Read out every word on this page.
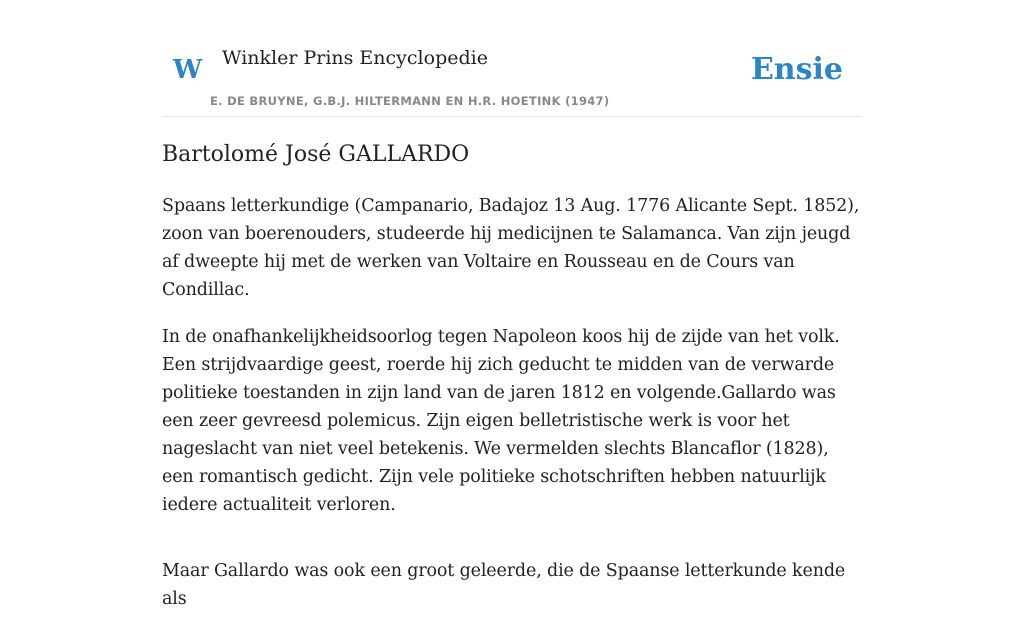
W Winkler Prins Encyclopedie
E. DE BRUYNE, G.B.J. HILTERMANN EN H.R. HOETINK (1947)
Ensie
Bartolomé José GALLARDO

Spaans letterkundige (Campanario, Badajoz 13 Aug. 1776 Alicante Sept. 1852), zoon van boerenouders, studeerde hij medicijnen te Salamanca. Van zijn jeugd af dweepte hij met de werken van Voltaire en Rousseau en de Cours van Condillac.

In de onafhankelijkheidsoorlog tegen Napoleon koos hij de zijde van het volk. Een strijdvaardige geest, roerde hij zich geducht te midden van de verwarde politieke toestanden in zijn land van de jaren 1812 en volgende.Gallardo was een zeer gevreesd polemicus. Zijn eigen belletristische werk is voor het nageslacht van niet veel betekenis. We vermelden slechts Blancaflor (1828), een romantisch gedicht. Zijn vele politieke schotschriften hebben natuurlijk iedere actualiteit verloren.

Maar Gallardo was ook een groot geleerde, die de Spaanse letterkunde kende als
